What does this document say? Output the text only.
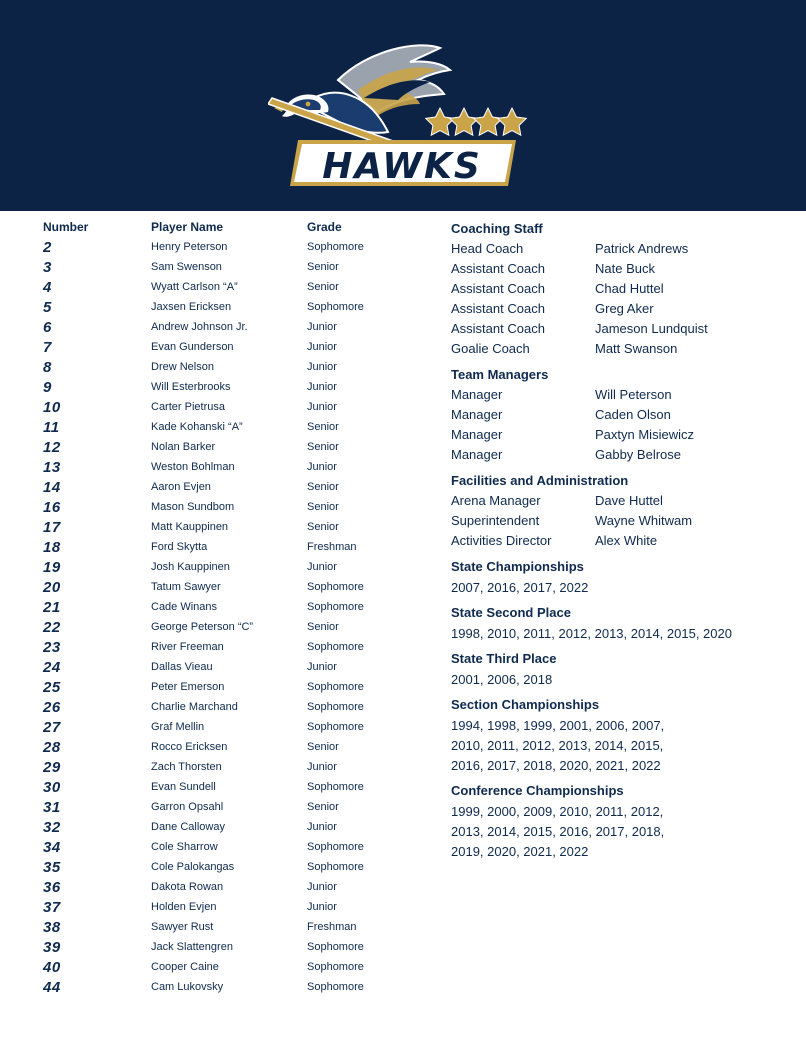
HAWKS
Number	Player Name	Grade
2	Henry Peterson	Sophomore
3	Sam Swenson	Senior
4	Wyatt Carlson “A”	Senior
5	Jaxsen Ericksen	Sophomore
6	Andrew Johnson Jr.	Junior
7	Evan Gunderson	Junior
8	Drew Nelson	Junior
9	Will Esterbrooks	Junior
10	Carter Pietrusa	Junior
11	Kade Kohanski “A”	Senior
12	Nolan Barker	Senior
13	Weston Bohlman	Junior
14	Aaron Evjen	Senior
16	Mason Sundbom	Senior
17	Matt Kauppinen	Senior
18	Ford Skytta	Freshman
19	Josh Kauppinen	Junior
20	Tatum Sawyer	Sophomore
21	Cade Winans	Sophomore
22	George Peterson “C”	Senior
23	River Freeman	Sophomore
24	Dallas Vieau	Junior
25	Peter Emerson	Sophomore
26	Charlie Marchand	Sophomore
27	Graf Mellin	Sophomore
28	Rocco Ericksen	Senior
29	Zach Thorsten	Junior
30	Evan Sundell	Sophomore
31	Garron Opsahl	Senior
32	Dane Calloway	Junior
34	Cole Sharrow	Sophomore
35	Cole Palokangas	Sophomore
36	Dakota Rowan	Junior
37	Holden Evjen	Junior
38	Sawyer Rust	Freshman
39	Jack Slattengren	Sophomore
40	Cooper Caine	Sophomore
44	Cam Lukovsky	Sophomore
Coaching Staff
Head Coach	Patrick Andrews
Assistant Coach	Nate Buck
Assistant Coach	Chad Huttel
Assistant Coach	Greg Aker
Assistant Coach	Jameson Lundquist
Goalie Coach	Matt Swanson
Team Managers
Manager	Will Peterson
Manager	Caden Olson
Manager	Paxtyn Misiewicz
Manager	Gabby Belrose
Facilities and Administration
Arena Manager	Dave Huttel
Superintendent	Wayne Whitwam
Activities Director	Alex White
State Championships
2007, 2016, 2017, 2022
State Second Place
1998, 2010, 2011, 2012, 2013, 2014, 2015, 2020
State Third Place
2001, 2006, 2018
Section Championships
1994, 1998, 1999, 2001, 2006, 2007,
2010, 2011, 2012, 2013, 2014, 2015,
2016, 2017, 2018, 2020, 2021, 2022
Conference Championships
1999, 2000, 2009, 2010, 2011, 2012,
2013, 2014, 2015, 2016, 2017, 2018,
2019, 2020, 2021, 2022
